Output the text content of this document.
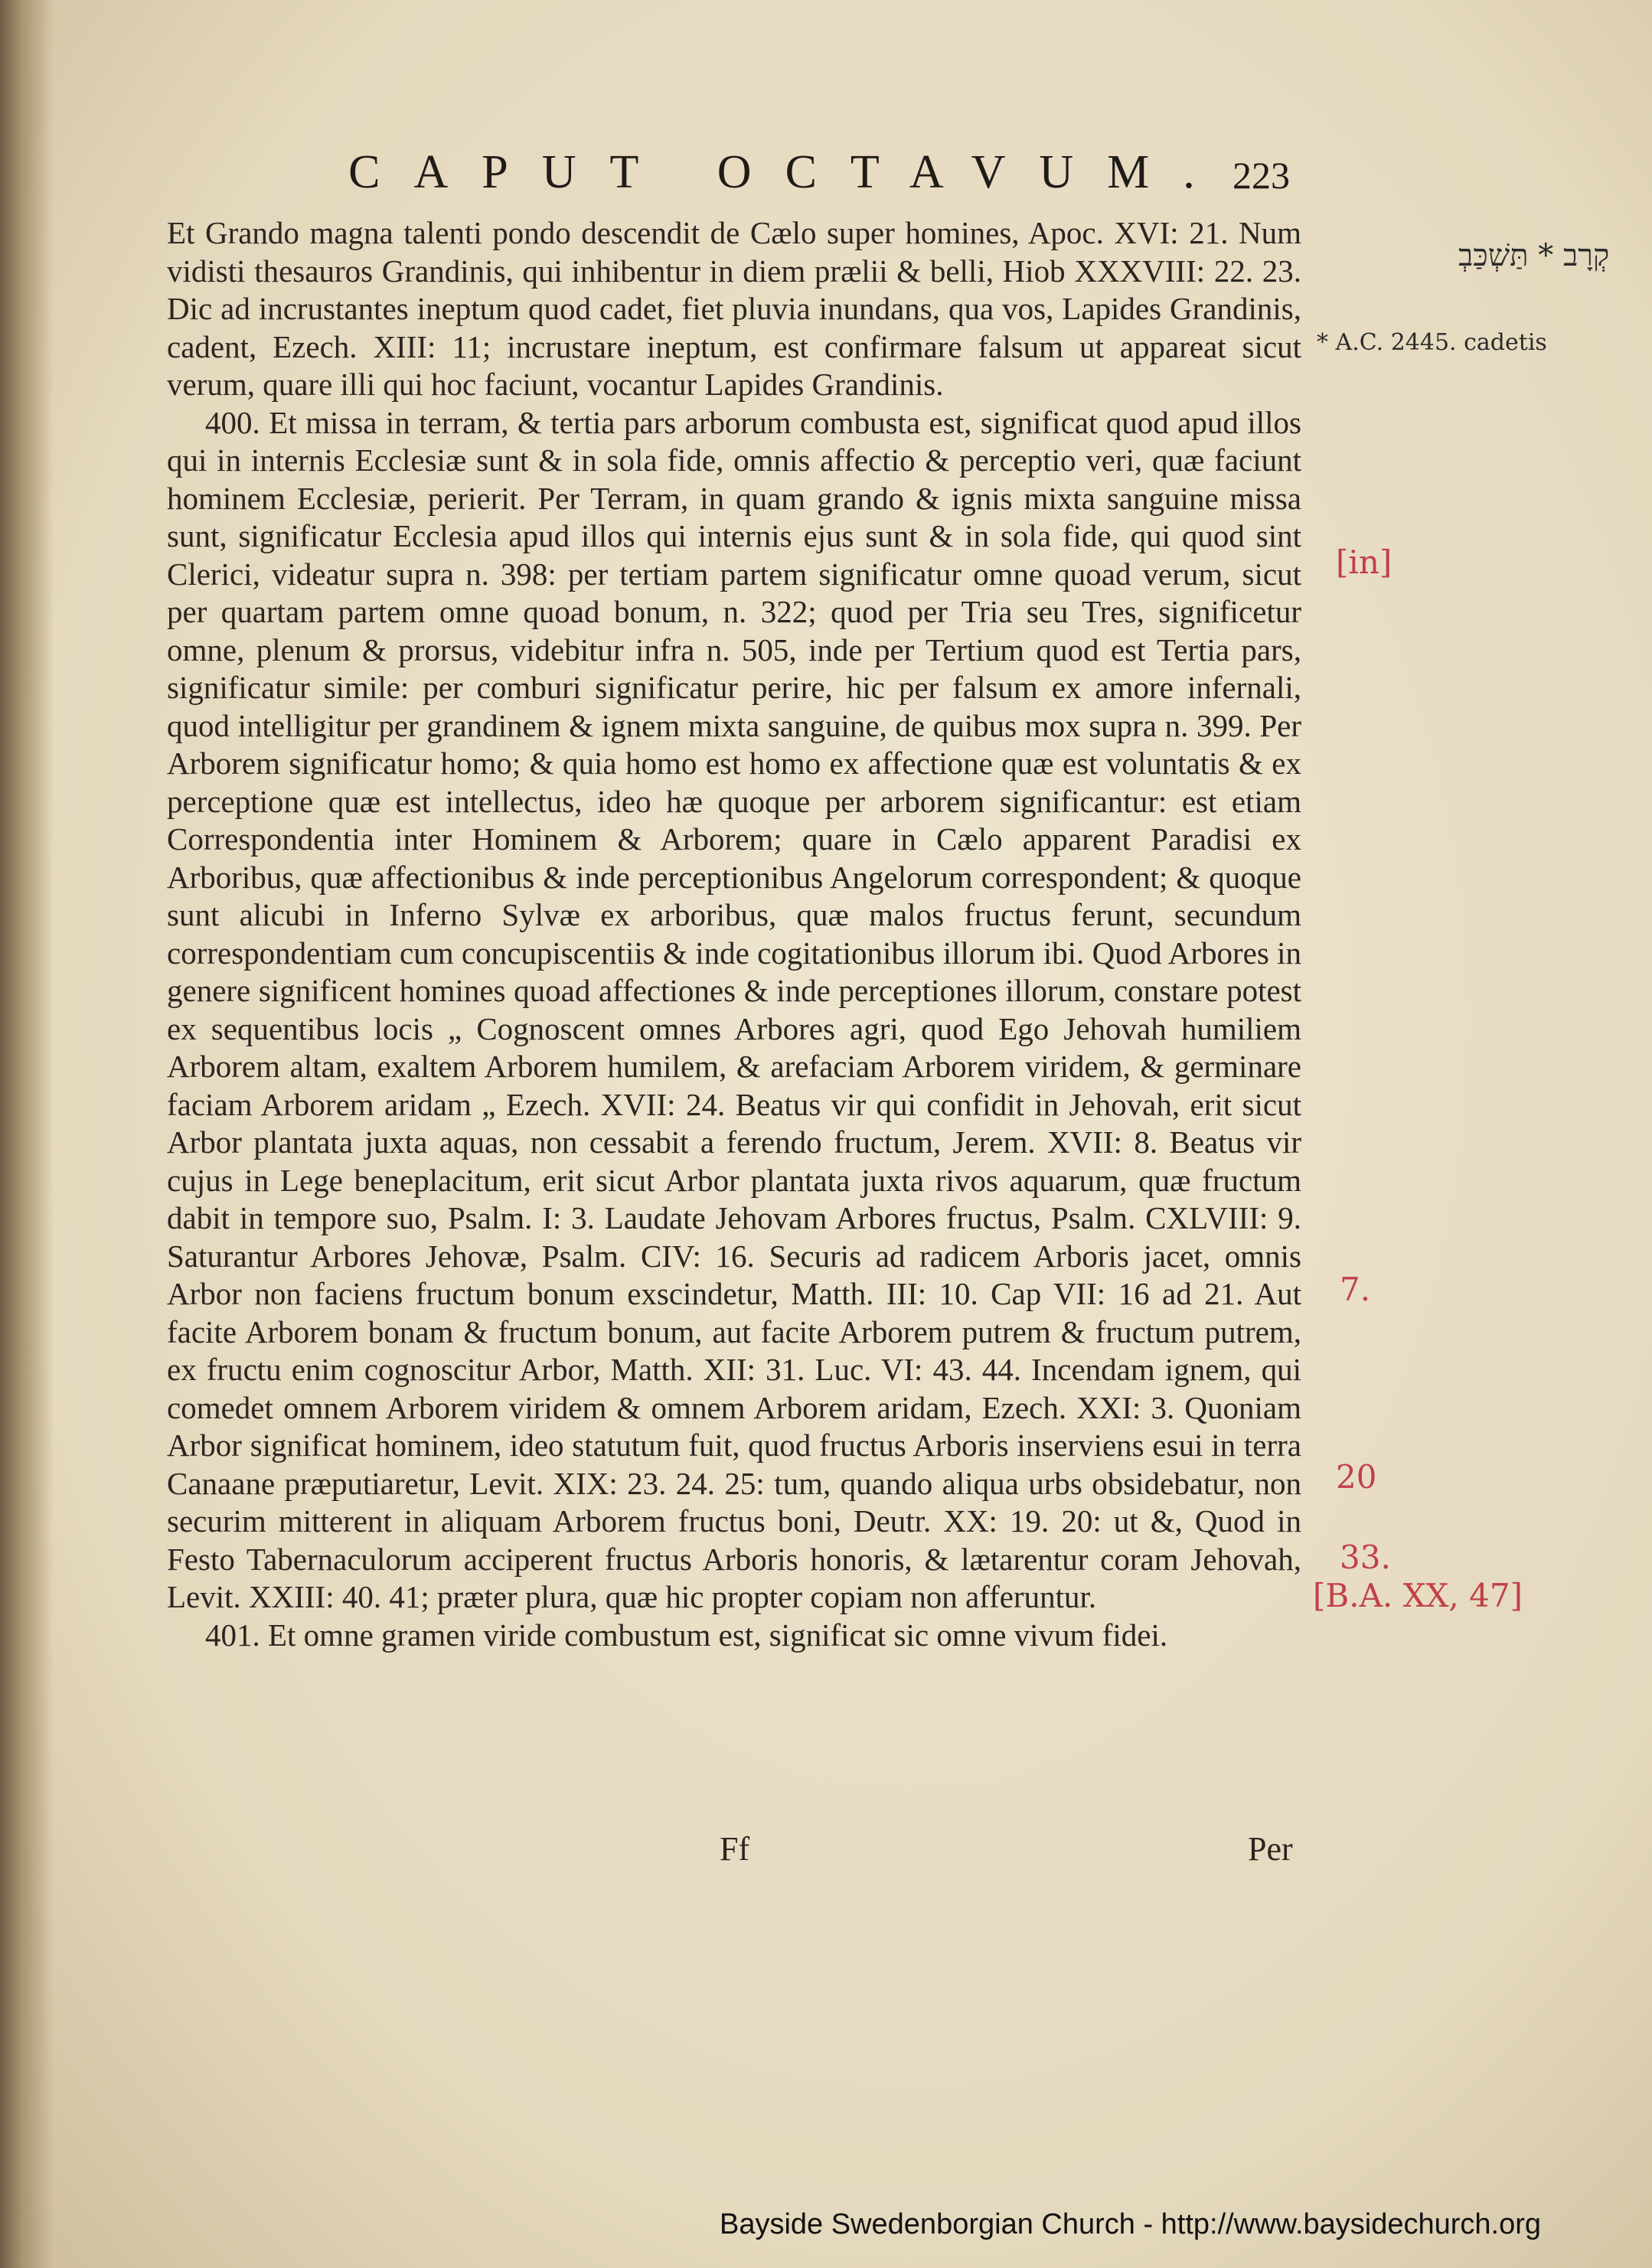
CAPUT OCTAVUM. 223

Et Grando magna talenti pondo descendit de Cælo super homines, Apoc. XVI: 21. Num vidisti thesauros Grandinis, qui inhibentur in diem prælii & belli, Hiob XXXVIII: 22. 23. Dic ad incrustantes ineptum quod cadet, fiet pluvia inundans, qua vos, Lapides Grandinis, cadent, Ezech. XIII: 11; incrustare ineptum, est confirmare falsum ut appareat sicut verum, quare illi qui hoc faciunt, vocantur Lapides Grandinis.

400. Et missa in terram, & tertia pars arborum combusta est, significat quod apud illos qui in internis Ecclesiæ sunt & in sola fide, omnis affectio & perceptio veri, quæ faciunt hominem Ecclesiæ, perierit. Per Terram, in quam grando & ignis mixta sanguine missa sunt, significatur Ecclesia apud illos qui internis ejus sunt & in sola fide, qui quod sint Clerici, videatur supra n. 398: per tertiam partem significatur omne quoad verum, sicut per quartam partem omne quoad bonum, n. 322; quod per Tria seu Tres, significetur omne, plenum & prorsus, videbitur infra n. 505, inde per Tertium quod est Tertia pars, significatur simile: per comburi significatur perire, hic per falsum ex amore infernali, quod intelligitur per grandinem & ignem mixta sanguine, de quibus mox supra n. 399. Per Arborem significatur homo; & quia homo est homo ex affectione quæ est voluntatis & ex perceptione quæ est intellectus, ideo hæ quoque per arborem significantur: est etiam Correspondentia inter Hominem & Arborem; quare in Cælo apparent Paradisi ex Arboribus, quæ affectionibus & inde perceptionibus Angelorum correspondent; & quoque sunt alicubi in Inferno Sylvæ ex arboribus, quæ malos fructus ferunt, secundum correspondentiam cum concupiscentiis & inde cogitationibus illorum ibi. Quod Arbores in genere significent homines quoad affectiones & inde perceptiones illorum, constare potest ex sequentibus locis „ Cognoscent omnes Arbores agri, quod Ego Jehovah humiliem Arborem altam, exaltem Arborem humilem, & arefaciam Arborem viridem, & germinare faciam Arborem aridam „ Ezech. XVII: 24. Beatus vir qui confidit in Jehovah, erit sicut Arbor plantata juxta aquas, non cessabit a ferendo fructum, Jerem. XVII: 8. Beatus vir cujus in Lege beneplacitum, erit sicut Arbor plantata juxta rivos aquarum, quæ fructum dabit in tempore suo, Psalm. I: 3. Laudate Jehovam Arbores fructus, Psalm. CXLVIII: 9. Saturantur Arbores Jehovæ, Psalm. CIV: 16. Securis ad radicem Arboris jacet, omnis Arbor non faciens fructum bonum exscindetur, Matth. III: 10. Cap VII: 16 ad 21. Aut facite Arborem bonam & fructum bonum, aut facite Arborem putrem & fructum putrem, ex fructu enim cognoscitur Arbor, Matth. XII: 31. Luc. VI: 43. 44. Incendam ignem, qui comedet omnem Arborem viridem & omnem Arborem aridam, Ezech. XXI: 3. Quoniam Arbor significat hominem, ideo statutum fuit, quod fructus Arboris inserviens esui in terra Canaane præputiaretur, Levit. XIX: 23. 24. 25: tum, quando aliqua urbs obsidebatur, non securim mitterent in aliquam Arborem fructus boni, Deutr. XX: 19. 20: ut &, Quod in Festo Tabernaculorum acciperent fructus Arboris honoris, & lætarentur coram Jehovah, Levit. XXIII: 40. 41; præter plura, quæ hic propter copiam non afferuntur.

401. Et omne gramen viride combustum est, significat sic omne vivum fidei.

Ff	Per
קְרָב * תַּשְׁכַּבְ
* A.C. 2445. cadetis
[in]
7.
20
33.
[B.A. XX, 47]
Bayside Swedenborgian Church - http://www.baysidechurch.org
